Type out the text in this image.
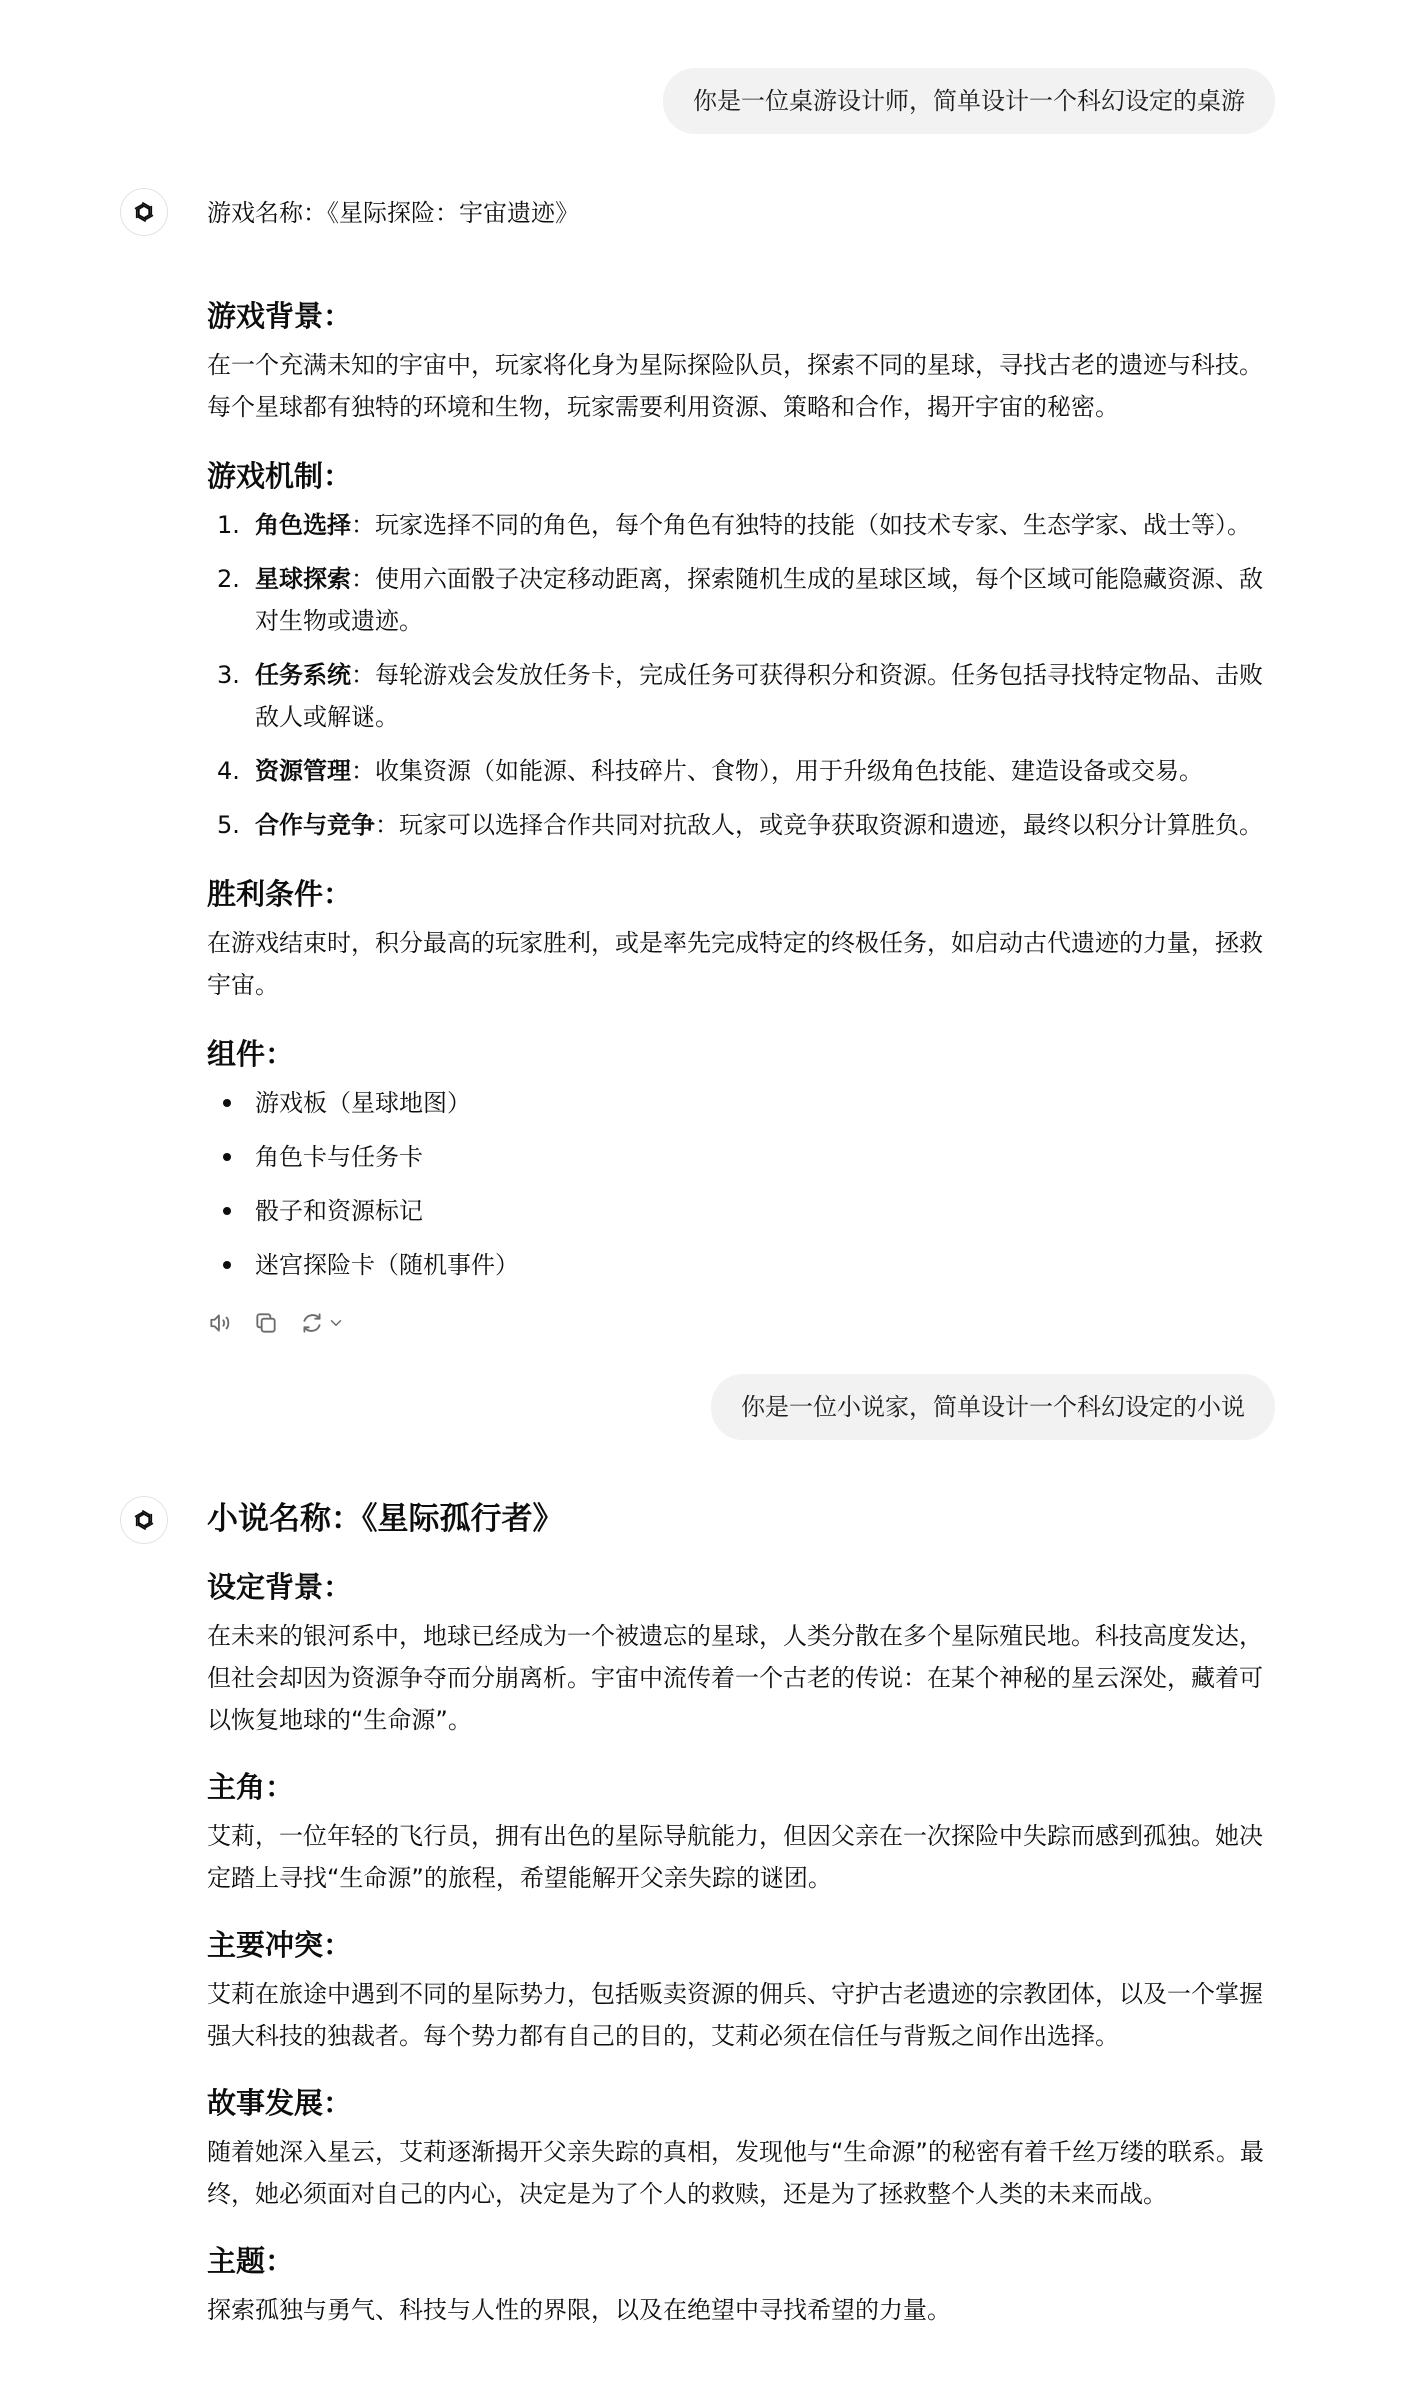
你是一位桌游设计师，简单设计一个科幻设定的桌游

游戏名称：《星际探险：宇宙遗迹》

游戏背景：

在一个充满未知的宇宙中，玩家将化身为星际探险队员，探索不同的星球，寻找古老的遗迹与科技。每个星球都有独特的环境和生物，玩家需要利用资源、策略和合作，揭开宇宙的秘密。

游戏机制：
1. 角色选择：玩家选择不同的角色，每个角色有独特的技能（如技术专家、生态学家、战士等）。
2. 星球探索：使用六面骰子决定移动距离，探索随机生成的星球区域，每个区域可能隐藏资源、敌对生物或遗迹。
3. 任务系统：每轮游戏会发放任务卡，完成任务可获得积分和资源。任务包括寻找特定物品、击败敌人或解谜。
4. 资源管理：收集资源（如能源、科技碎片、食物），用于升级角色技能、建造设备或交易。
5. 合作与竞争：玩家可以选择合作共同对抗敌人，或竞争获取资源和遗迹，最终以积分计算胜负。
胜利条件：

在游戏结束时，积分最高的玩家胜利，或是率先完成特定的终极任务，如启动古代遗迹的力量，拯救宇宙。

组件：
游戏板（星球地图）
角色卡与任务卡
骰子和资源标记
迷宫探险卡（随机事件）
你是一位小说家，简单设计一个科幻设定的小说

小说名称：《星际孤行者》

设定背景：

在未来的银河系中，地球已经成为一个被遗忘的星球，人类分散在多个星际殖民地。科技高度发达，但社会却因为资源争夺而分崩离析。宇宙中流传着一个古老的传说：在某个神秘的星云深处，藏着可以恢复地球的“生命源”。

主角：

艾莉，一位年轻的飞行员，拥有出色的星际导航能力，但因父亲在一次探险中失踪而感到孤独。她决定踏上寻找“生命源”的旅程，希望能解开父亲失踪的谜团。

主要冲突：

艾莉在旅途中遇到不同的星际势力，包括贩卖资源的佣兵、守护古老遗迹的宗教团体，以及一个掌握强大科技的独裁者。每个势力都有自己的目的，艾莉必须在信任与背叛之间作出选择。

故事发展：

随着她深入星云，艾莉逐渐揭开父亲失踪的真相，发现他与“生命源”的秘密有着千丝万缕的联系。最终，她必须面对自己的内心，决定是为了个人的救赎，还是为了拯救整个人类的未来而战。

主题：

探索孤独与勇气、科技与人性的界限，以及在绝望中寻找希望的力量。
